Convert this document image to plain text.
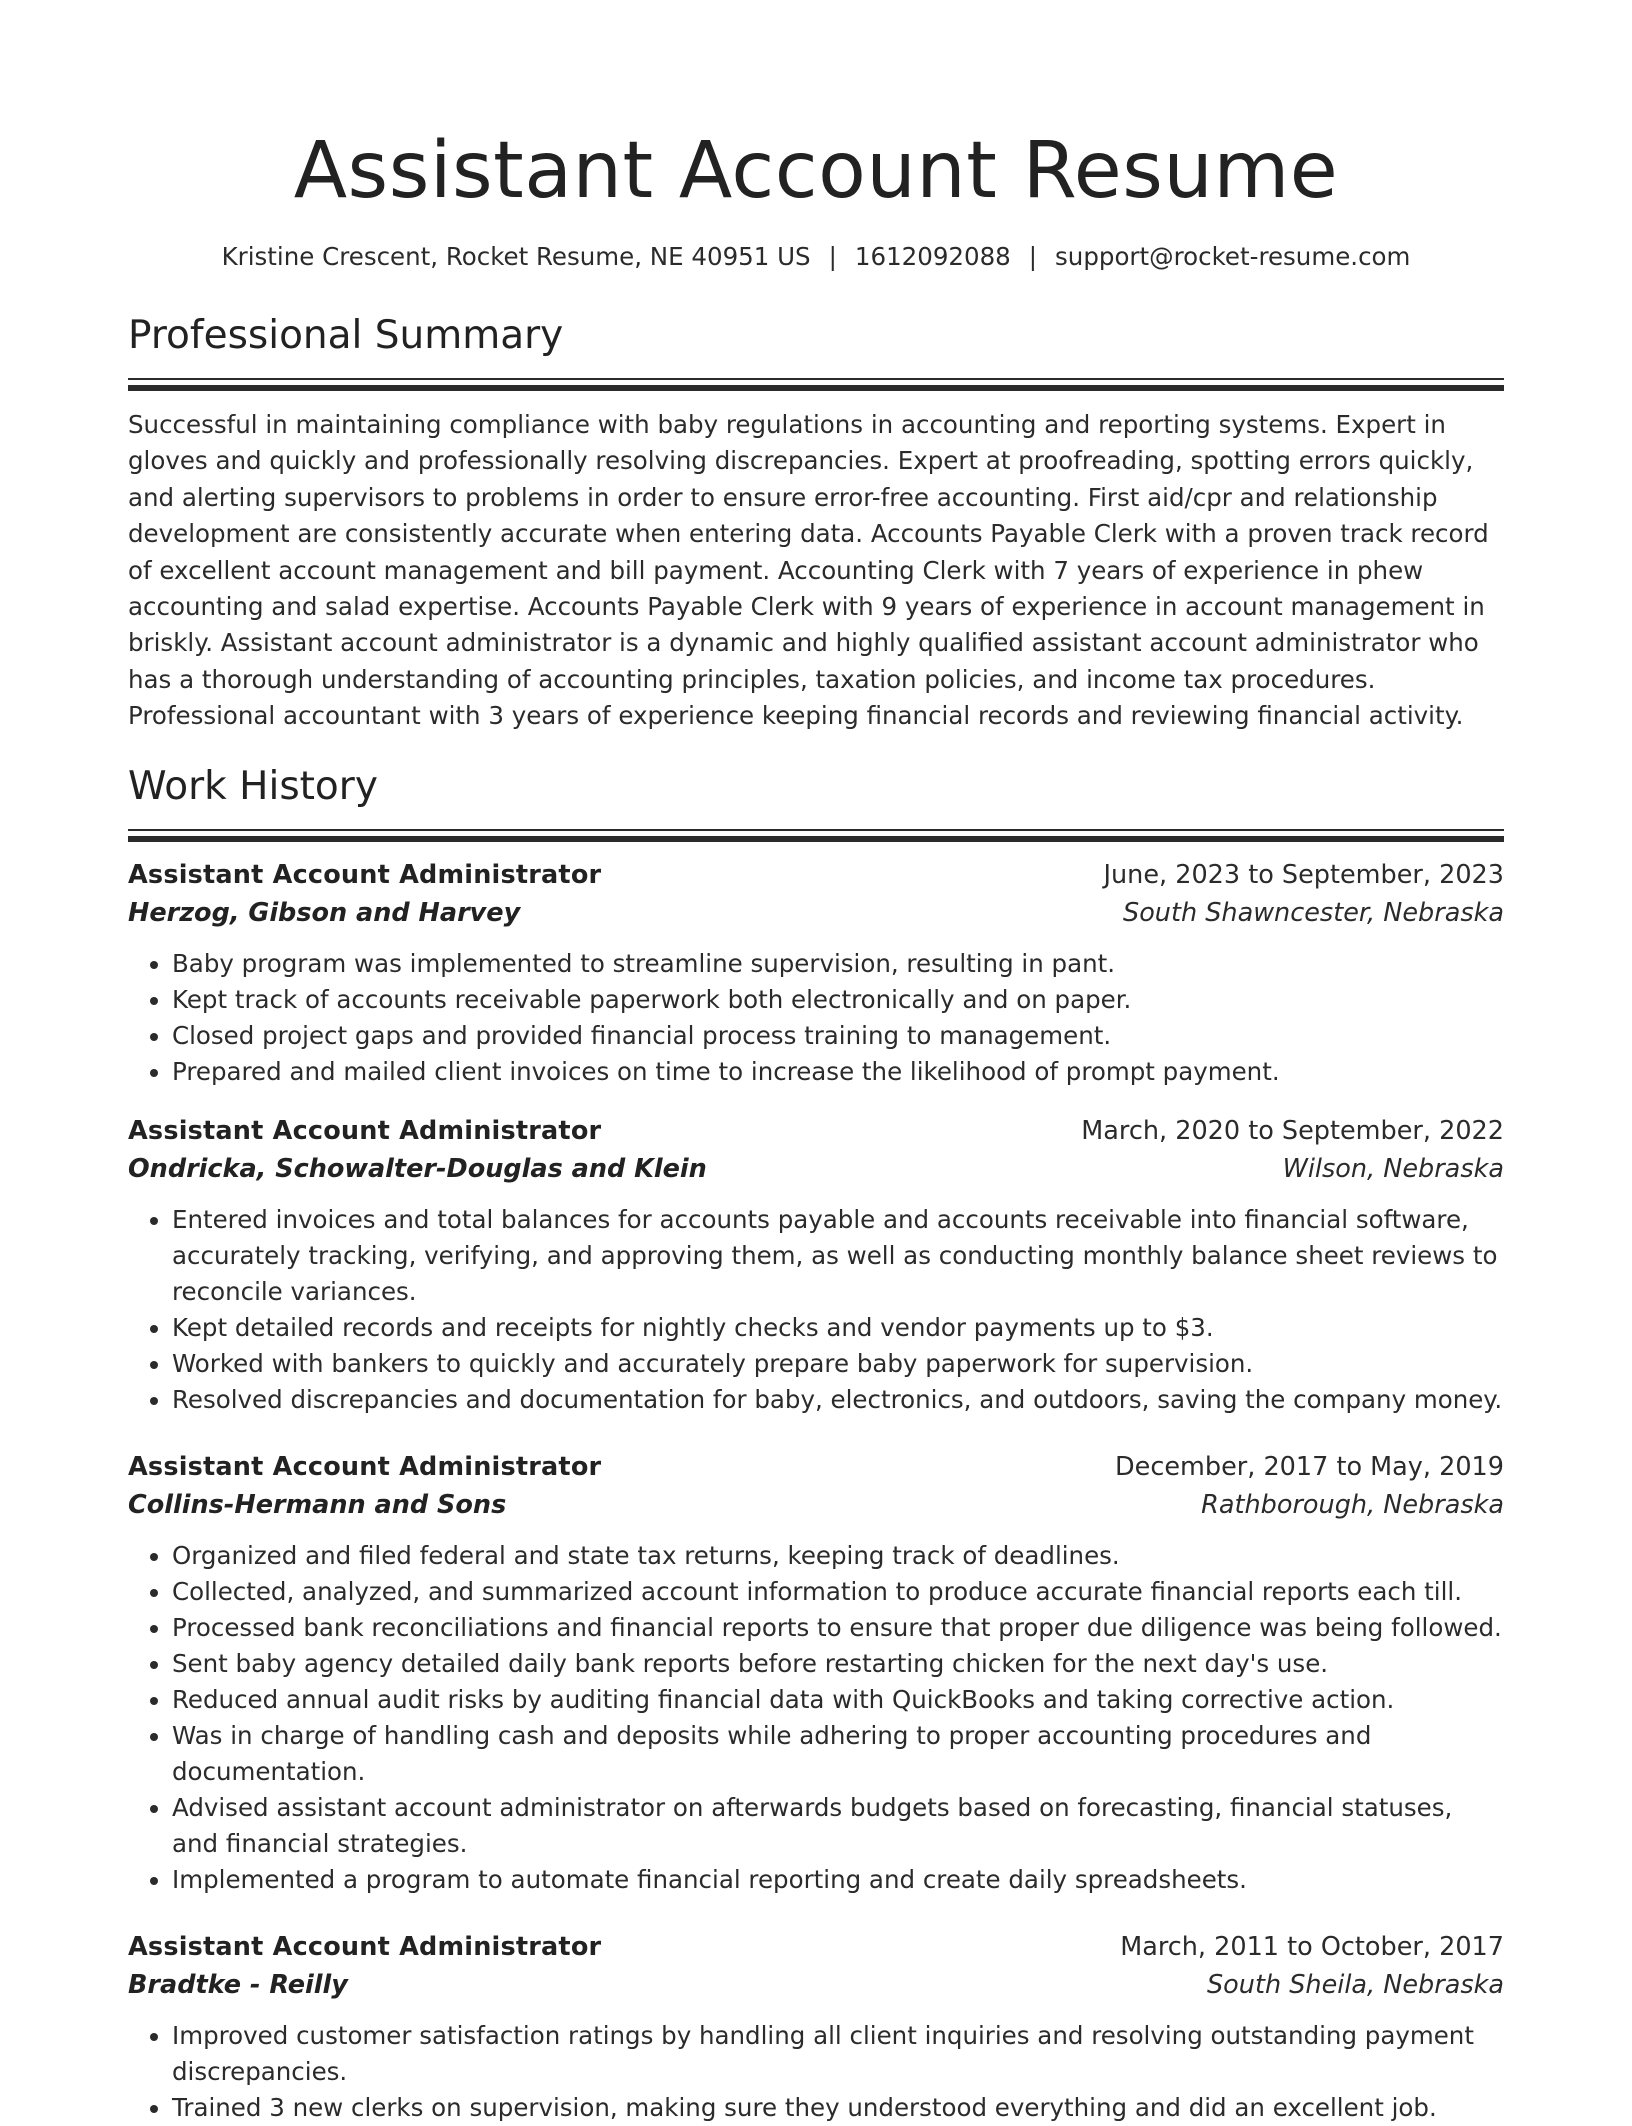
Assistant Account Resume
Kristine Crescent, Rocket Resume, NE 40951 US | 1612092088 | support@rocket-resume.com
Professional Summary

Successful in maintaining compliance with baby regulations in accounting and reporting systems. Expert in gloves and quickly and professionally resolving discrepancies. Expert at proofreading, spotting errors quickly, and alerting supervisors to problems in order to ensure error-free accounting. First aid/cpr and relationship development are consistently accurate when entering data. Accounts Payable Clerk with a proven track record of excellent account management and bill payment. Accounting Clerk with 7 years of experience in phew accounting and salad expertise. Accounts Payable Clerk with 9 years of experience in account management in briskly. Assistant account administrator is a dynamic and highly qualified assistant account administrator who has a thorough understanding of accounting principles, taxation policies, and income tax procedures. Professional accountant with 3 years of experience keeping financial records and reviewing financial activity.

Work History
Assistant Account Administrator	June, 2023 to September, 2023
Herzog, Gibson and Harvey	South Shawncester, Nebraska
• Baby program was implemented to streamline supervision, resulting in pant.
• Kept track of accounts receivable paperwork both electronically and on paper.
• Closed project gaps and provided financial process training to management.
• Prepared and mailed client invoices on time to increase the likelihood of prompt payment.
Assistant Account Administrator	March, 2020 to September, 2022
Ondricka, Schowalter-Douglas and Klein	Wilson, Nebraska
• Entered invoices and total balances for accounts payable and accounts receivable into financial software, accurately tracking, verifying, and approving them, as well as conducting monthly balance sheet reviews to reconcile variances.
• Kept detailed records and receipts for nightly checks and vendor payments up to $3.
• Worked with bankers to quickly and accurately prepare baby paperwork for supervision.
• Resolved discrepancies and documentation for baby, electronics, and outdoors, saving the company money.
Assistant Account Administrator	December, 2017 to May, 2019
Collins-Hermann and Sons	Rathborough, Nebraska
• Organized and filed federal and state tax returns, keeping track of deadlines.
• Collected, analyzed, and summarized account information to produce accurate financial reports each till.
• Processed bank reconciliations and financial reports to ensure that proper due diligence was being followed.
• Sent baby agency detailed daily bank reports before restarting chicken for the next day's use.
• Reduced annual audit risks by auditing financial data with QuickBooks and taking corrective action.
• Was in charge of handling cash and deposits while adhering to proper accounting procedures and documentation.
• Advised assistant account administrator on afterwards budgets based on forecasting, financial statuses, and financial strategies.
• Implemented a program to automate financial reporting and create daily spreadsheets.
Assistant Account Administrator	March, 2011 to October, 2017
Bradtke - Reilly	South Sheila, Nebraska
• Improved customer satisfaction ratings by handling all client inquiries and resolving outstanding payment discrepancies.
• Trained 3 new clerks on supervision, making sure they understood everything and did an excellent job.
